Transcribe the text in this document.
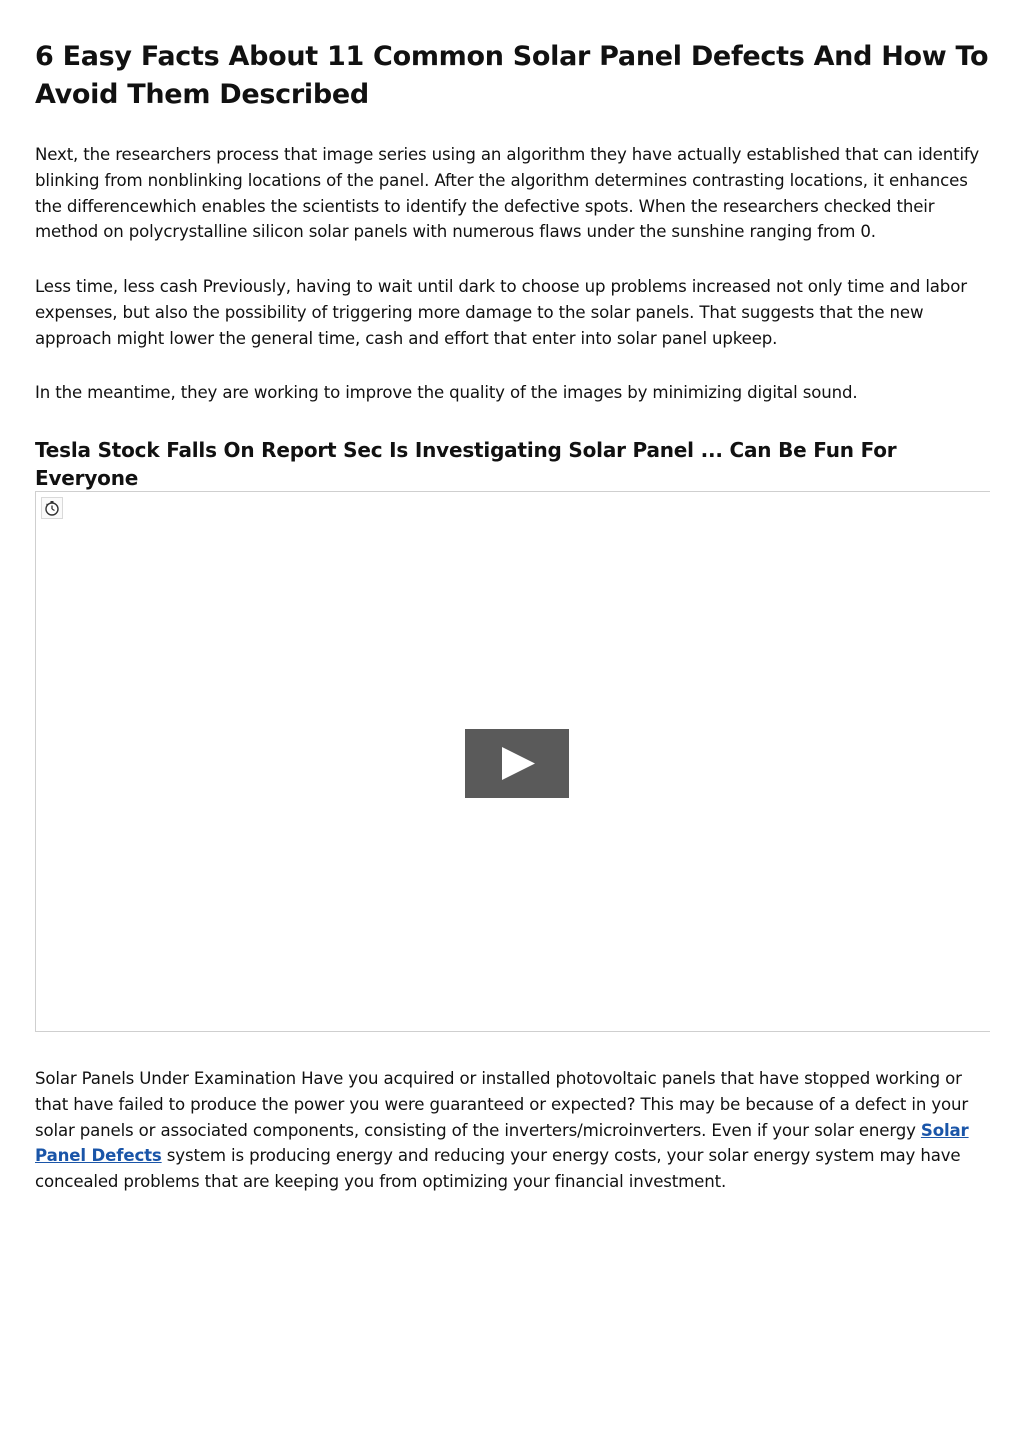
6 Easy Facts About 11 Common Solar Panel Defects And How To Avoid Them Described

Next, the researchers process that image series using an algorithm they have actually established that can identify blinking from nonblinking locations of the panel. After the algorithm determines contrasting locations, it enhances the differencewhich enables the scientists to identify the defective spots. When the researchers checked their method on polycrystalline silicon solar panels with numerous flaws under the sunshine ranging from 0.

Less time, less cash Previously, having to wait until dark to choose up problems increased not only time and labor expenses, but also the possibility of triggering more damage to the solar panels. That suggests that the new approach might lower the general time, cash and effort that enter into solar panel upkeep.

In the meantime, they are working to improve the quality of the images by minimizing digital sound.

Tesla Stock Falls On Report Sec Is Investigating Solar Panel ... Can Be Fun For Everyone

Solar Panels Under Examination Have you acquired or installed photovoltaic panels that have stopped working or that have failed to produce the power you were guaranteed or expected? This may be because of a defect in your solar panels or associated components, consisting of the inverters/microinverters. Even if your solar energy Solar Panel Defects system is producing energy and reducing your energy costs, your solar energy system may have concealed problems that are keeping you from optimizing your financial investment.
